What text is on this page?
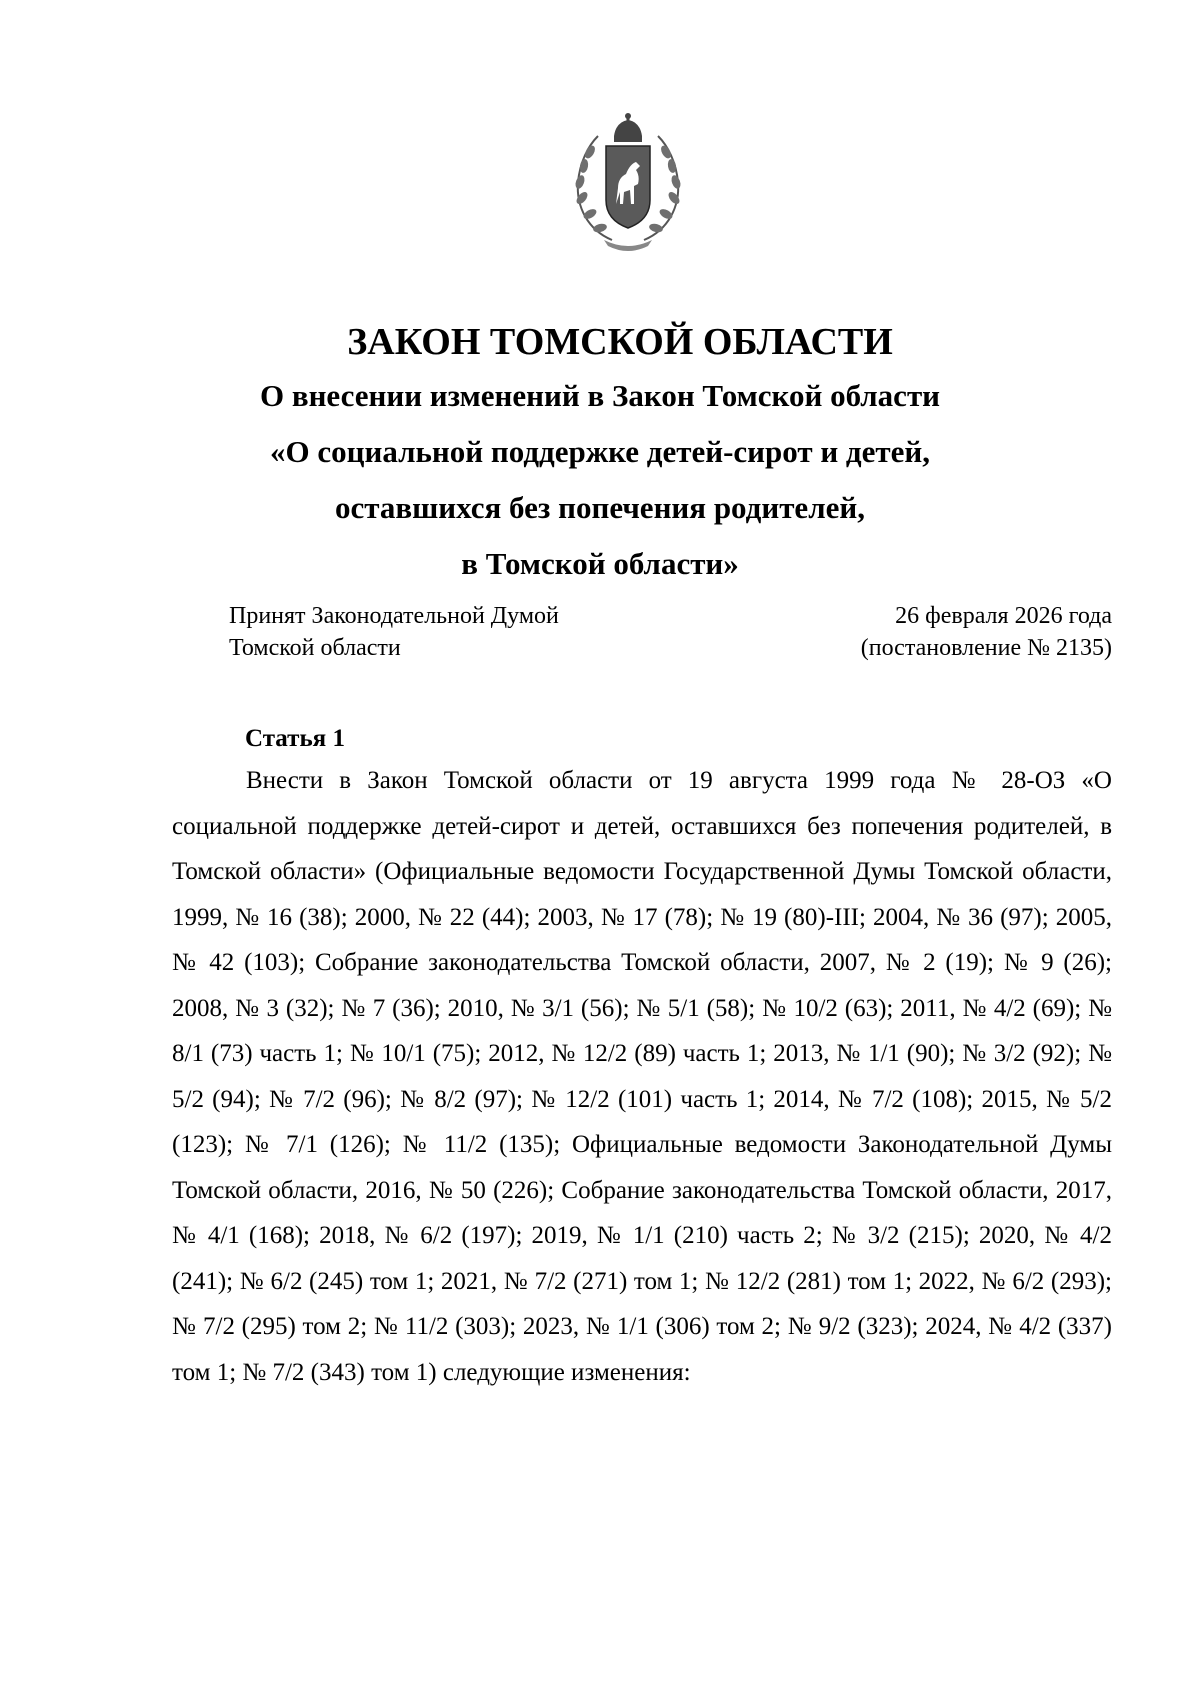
ЗАКОН ТОМСКОЙ ОБЛАСТИ
О внесении изменений в Закон Томской области
«О социальной поддержке детей-сирот и детей,
оставшихся без попечения родителей,
в Томской области»
Принят Законодательной Думой
Томской области
26 февраля 2026 года
(постановление № 2135)
Статья 1
Внести в Закон Томской области от 19 августа 1999 года № 28-ОЗ «О социальной поддержке детей-сирот и детей, оставшихся без попечения родителей, в Томской области» (Официальные ведомости Государственной Думы Томской области, 1999, № 16 (38); 2000, № 22 (44); 2003, № 17 (78); № 19 (80)-III; 2004, № 36 (97); 2005, № 42 (103); Собрание законодательства Томской области, 2007, № 2 (19); № 9 (26); 2008, № 3 (32); № 7 (36); 2010, № 3/1 (56); № 5/1 (58); № 10/2 (63); 2011, № 4/2 (69); № 8/1 (73) часть 1; № 10/1 (75); 2012, № 12/2 (89) часть 1; 2013, № 1/1 (90); № 3/2 (92); № 5/2 (94); № 7/2 (96); № 8/2 (97); № 12/2 (101) часть 1; 2014, № 7/2 (108); 2015, № 5/2 (123); № 7/1 (126); № 11/2 (135); Официальные ведомости Законодательной Думы Томской области, 2016, № 50 (226); Собрание законодательства Томской области, 2017, № 4/1 (168); 2018, № 6/2 (197); 2019, № 1/1 (210) часть 2; № 3/2 (215); 2020, № 4/2 (241); № 6/2 (245) том 1; 2021, № 7/2 (271) том 1; № 12/2 (281) том 1; 2022, № 6/2 (293); № 7/2 (295) том 2; № 11/2 (303); 2023, № 1/1 (306) том 2; № 9/2 (323); 2024, № 4/2 (337) том 1; № 7/2 (343) том 1) следующие изменения:
